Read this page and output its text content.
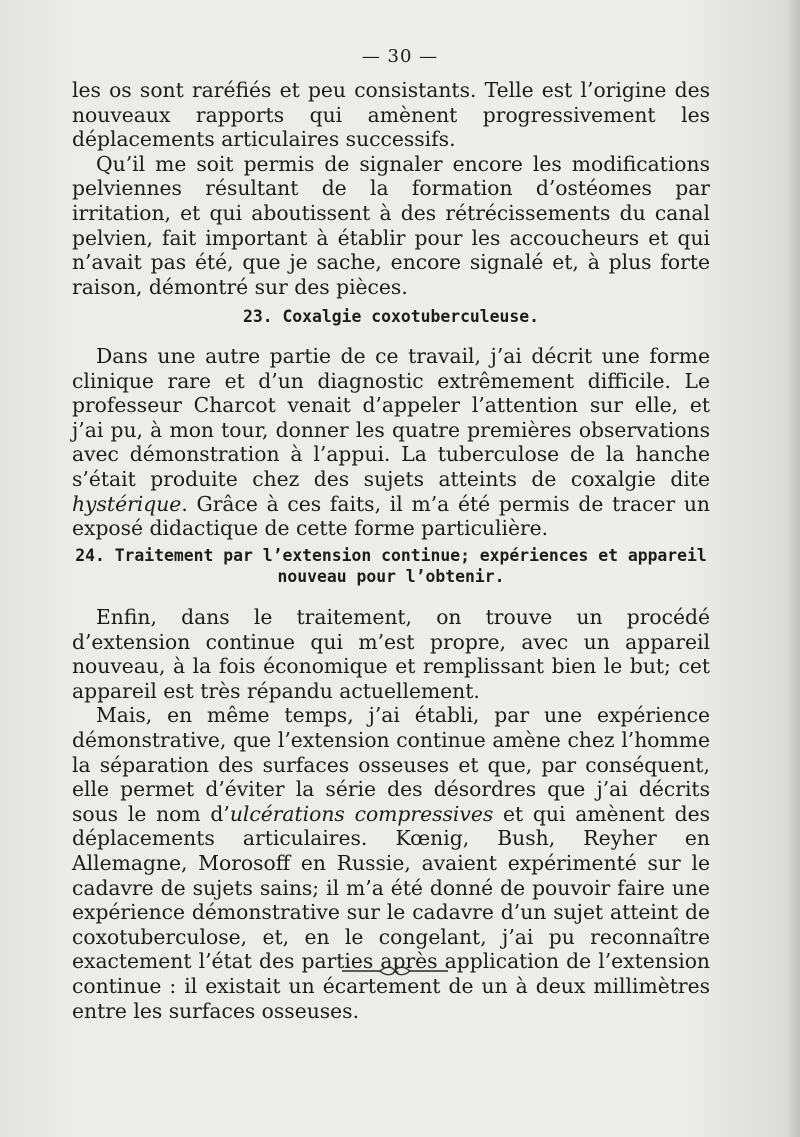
— 30 —

les os sont raréfiés et peu consistants. Telle est l’origine des nouveaux rapports qui amènent progressivement les déplacements articulaires successifs.

Qu’il me soit permis de signaler encore les modifications pelviennes résultant de la formation d’ostéomes par irritation, et qui aboutissent à des rétrécissements du canal pelvien, fait important à établir pour les accoucheurs et qui n’avait pas été, que je sache, encore signalé et, à plus forte raison, démontré sur des pièces.

23. Coxalgie coxotuberculeuse.

Dans une autre partie de ce travail, j’ai décrit une forme clinique rare et d’un diagnostic extrêmement difficile. Le professeur Charcot venait d’appeler l’attention sur elle, et j’ai pu, à mon tour, donner les quatre premières observations avec démonstration à l’appui. La tuberculose de la hanche s’était produite chez des sujets atteints de coxalgie dite hystérique. Grâce à ces faits, il m’a été permis de tracer un exposé didactique de cette forme particulière.

24. Traitement par l’extension continue; expériences et appareil
nouveau pour l’obtenir.

Enfin, dans le traitement, on trouve un procédé d’extension continue qui m’est propre, avec un appareil nouveau, à la fois économique et remplissant bien le but; cet appareil est très répandu actuellement.

Mais, en même temps, j’ai établi, par une expérience démonstrative, que l’extension continue amène chez l’homme la séparation des surfaces osseuses et que, par conséquent, elle permet d’éviter la série des désordres que j’ai décrits sous le nom d’ulcérations compressives et qui amènent des déplacements articulaires. Kœnig, Bush, Reyher en Allemagne, Morosoff en Russie, avaient expérimenté sur le cadavre de sujets sains; il m’a été donné de pouvoir faire une expérience démonstrative sur le cadavre d’un sujet atteint de coxotuberculose, et, en le congelant, j’ai pu reconnaître exactement l’état des parties après application de l’extension continue : il existait un écartement de un à deux millimètres entre les surfaces osseuses.
